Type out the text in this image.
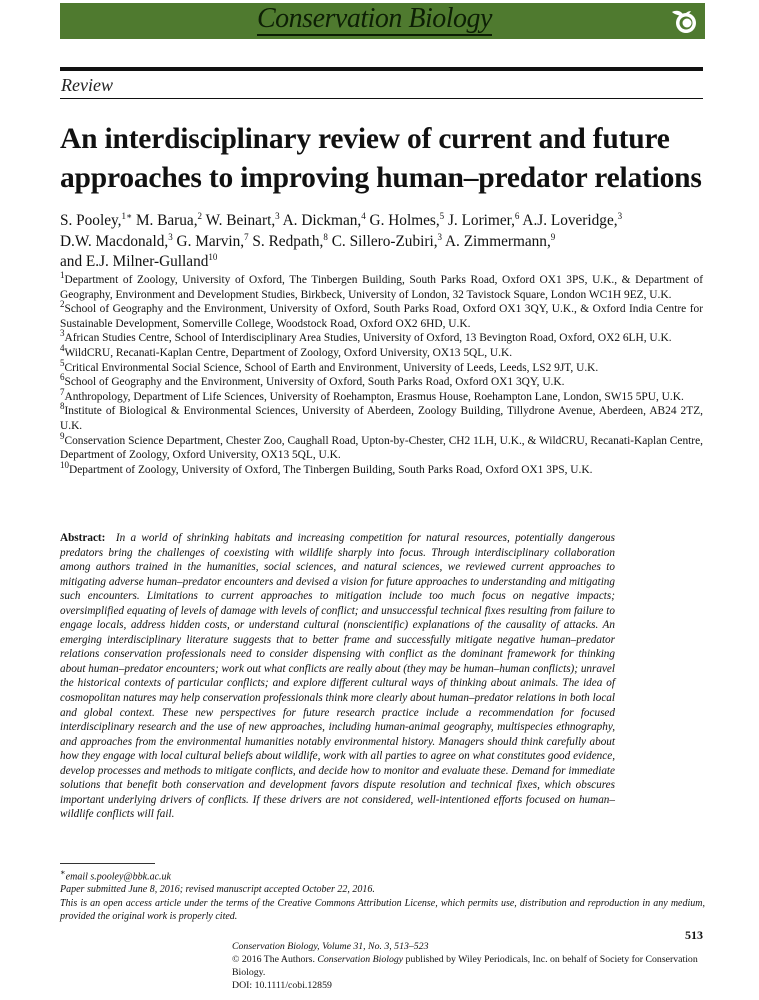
Conservation Biology
Review
An interdisciplinary review of current and future approaches to improving human–predator relations

S. Pooley,$^{1∗}$ M. Barua,$^2$ W. Beinart,$^3$ A. Dickman,$^4$ G. Holmes,$^5$ J. Lorimer,$^6$ A.J. Loveridge,$^3$
D.W. Macdonald,$^3$ G. Marvin,$^7$ S. Redpath,$^8$ C. Sillero-Zubiri,$^3$ A. Zimmermann,$^9$
and E.J. Milner-Gulland$^{10}$

$^1$Department of Zoology, University of Oxford, The Tinbergen Building, South Parks Road, Oxford OX1 3PS, U.K., & Department of Geography, Environment and Development Studies, Birkbeck, University of London, 32 Tavistock Square, London WC1H 9EZ, U.K.

$^2$School of Geography and the Environment, University of Oxford, South Parks Road, Oxford OX1 3QY, U.K., & Oxford India Centre for Sustainable Development, Somerville College, Woodstock Road, Oxford OX2 6HD, U.K.

$^3$African Studies Centre, School of Interdisciplinary Area Studies, University of Oxford, 13 Bevington Road, Oxford, OX2 6LH, U.K.

$^4$WildCRU, Recanati-Kaplan Centre, Department of Zoology, Oxford University, OX13 5QL, U.K.

$^5$Critical Environmental Social Science, School of Earth and Environment, University of Leeds, Leeds, LS2 9JT, U.K.

$^6$School of Geography and the Environment, University of Oxford, South Parks Road, Oxford OX1 3QY, U.K.

$^7$Anthropology, Department of Life Sciences, University of Roehampton, Erasmus House, Roehampton Lane, London, SW15 5PU, U.K.

$^8$Institute of Biological & Environmental Sciences, University of Aberdeen, Zoology Building, Tillydrone Avenue, Aberdeen, AB24 2TZ, U.K.

$^9$Conservation Science Department, Chester Zoo, Caughall Road, Upton-by-Chester, CH2 1LH, U.K., & WildCRU, Recanati-Kaplan Centre, Department of Zoology, Oxford University, OX13 5QL, U.K.

$^{10}$Department of Zoology, University of Oxford, The Tinbergen Building, South Parks Road, Oxford OX1 3PS, U.K.

Abstract: In a world of shrinking habitats and increasing competition for natural resources, potentially dangerous predators bring the challenges of coexisting with wildlife sharply into focus. Through interdisciplinary collaboration among authors trained in the humanities, social sciences, and natural sciences, we reviewed current approaches to mitigating adverse human–predator encounters and devised a vision for future approaches to understanding and mitigating such encounters. Limitations to current approaches to mitigation include too much focus on negative impacts; oversimplified equating of levels of damage with levels of conflict; and unsuccessful technical fixes resulting from failure to engage locals, address hidden costs, or understand cultural (nonscientific) explanations of the causality of attacks. An emerging interdisciplinary literature suggests that to better frame and successfully mitigate negative human–predator relations conservation professionals need to consider dispensing with conflict as the dominant framework for thinking about human–predator encounters; work out what conflicts are really about (they may be human–human conflicts); unravel the historical contexts of particular conflicts; and explore different cultural ways of thinking about animals. The idea of cosmopolitan natures may help conservation professionals think more clearly about human–predator relations in both local and global context. These new perspectives for future research practice include a recommendation for focused interdisciplinary research and the use of new approaches, including human-animal geography, multispecies ethnography, and approaches from the environmental humanities notably environmental history. Managers should think carefully about how they engage with local cultural beliefs about wildlife, work with all parties to agree on what constitutes good evidence, develop processes and methods to mitigate conflicts, and decide how to monitor and evaluate these. Demand for immediate solutions that benefit both conservation and development favors dispute resolution and technical fixes, which obscures important underlying drivers of conflicts. If these drivers are not considered, well-intentioned efforts focused on human–wildlife conflicts will fail.

∗email s.pooley@bbk.ac.uk

Paper submitted June 8, 2016; revised manuscript accepted October 22, 2016.

This is an open access article under the terms of the Creative Commons Attribution License, which permits use, distribution and reproduction in any medium, provided the original work is properly cited.

513

Conservation Biology, Volume 31, No. 3, 513–523

© 2016 The Authors. Conservation Biology published by Wiley Periodicals, Inc. on behalf of Society for Conservation Biology.

DOI: 10.1111/cobi.12859
